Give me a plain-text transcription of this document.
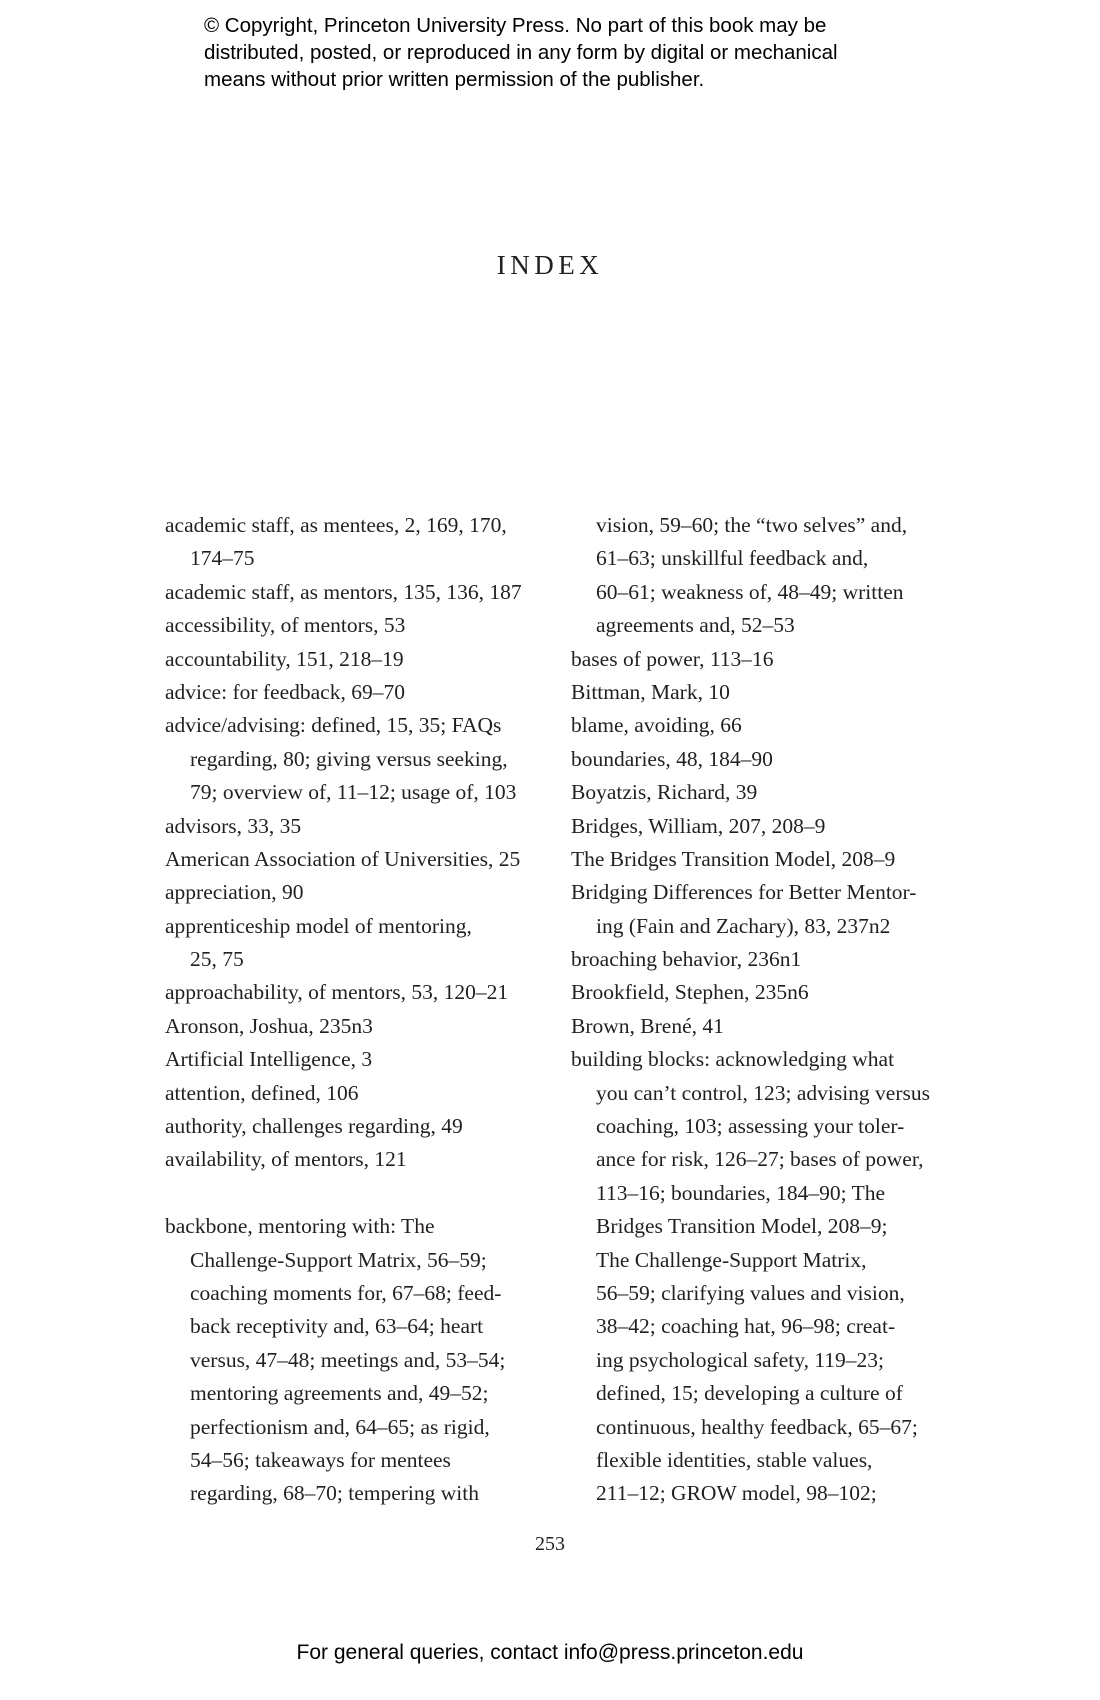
© Copyright, Princeton University Press. No part of this book may be
distributed, posted, or reproduced in any form by digital or mechanical
means without prior written permission of the publisher.
INDEX

academic staff, as mentees, 2, 169, 170,
174–75

academic staff, as mentors, 135, 136, 187

accessibility, of mentors, 53

accountability, 151, 218–19

advice: for feedback, 69–70

advice/advising: defined, 15, 35; FAQs
regarding, 80; giving versus seeking,
79; overview of, 11–12; usage of, 103

advisors, 33, 35

American Association of Universities, 25

appreciation, 90

apprenticeship model of mentoring,
25, 75

approachability, of mentors, 53, 120–21

Aronson, Joshua, 235n3

Artificial Intelligence, 3

attention, defined, 106

authority, challenges regarding, 49

availability, of mentors, 121

backbone, mentoring with: The
Challenge-Support Matrix, 56–59;
coaching moments for, 67–68; feed-
back receptivity and, 63–64; heart
versus, 47–48; meetings and, 53–54;
mentoring agreements and, 49–52;
perfectionism and, 64–65; as rigid,
54–56; takeaways for mentees
regarding, 68–70; tempering with

vision, 59–60; the “two selves” and,
61–63; unskillful feedback and,
60–61; weakness of, 48–49; written
agreements and, 52–53

bases of power, 113–16

Bittman, Mark, 10

blame, avoiding, 66

boundaries, 48, 184–90

Boyatzis, Richard, 39

Bridges, William, 207, 208–9

The Bridges Transition Model, 208–9

Bridging Differences for Better Mentor-
ing (Fain and Zachary), 83, 237n2

broaching behavior, 236n1

Brookfield, Stephen, 235n6

Brown, Brené, 41

building blocks: acknowledging what
you can’t control, 123; advising versus
coaching, 103; assessing your toler-
ance for risk, 126–27; bases of power,
113–16; boundaries, 184–90; The
Bridges Transition Model, 208–9;
The Challenge-Support Matrix,
56–59; clarifying values and vision,
38–42; coaching hat, 96–98; creat-
ing psychological safety, 119–23;
defined, 15; developing a culture of
continuous, healthy feedback, 65–67;
flexible identities, stable values,
211–12; GROW model, 98–102;

253
For general queries, contact info@press.princeton.edu
